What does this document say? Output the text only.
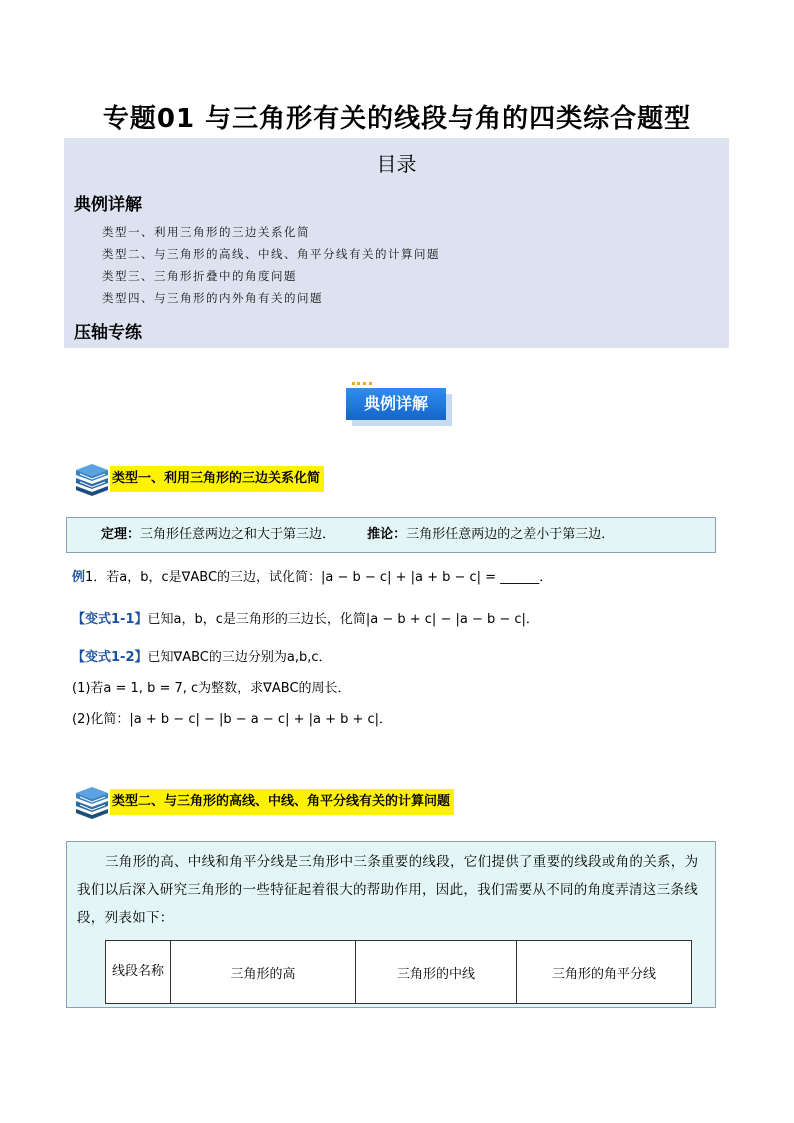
专题01 与三角形有关的线段与角的四类综合题型
目录
典例详解
类型一、利用三角形的三边关系化简
类型二、与三角形的高线、中线、角平分线有关的计算问题
类型三、三角形折叠中的角度问题
类型四、与三角形的内外角有关的问题
压轴专练
典例详解
类型一、利用三角形的三边关系化简
定理：三角形任意两边之和大于第三边． 推论：三角形任意两边的之差小于第三边．
例1．若a，b，c是∇ABC的三边，试化简：|a − b − c| + |a + b − c| = ______．
【变式1-1】已知a，b，c是三角形的三边长，化简|a − b + c| − |a − b − c|．
【变式1-2】已知∇ABC的三边分别为a,b,c．
(1)若a = 1, b = 7, c为整数，求∇ABC的周长．
(2)化简：|a + b − c| − |b − a − c| + |a + b + c|．
类型二、与三角形的高线、中线、角平分线有关的计算问题
三角形的高、中线和角平分线是三角形中三条重要的线段，它们提供了重要的线段或角的关系，为我们以后深入研究三角形的一些特征起着很大的帮助作用，因此，我们需要从不同的角度弄清这三条线段，列表如下：
线段名称	三角形的高	三角形的中线	三角形的角平分线
